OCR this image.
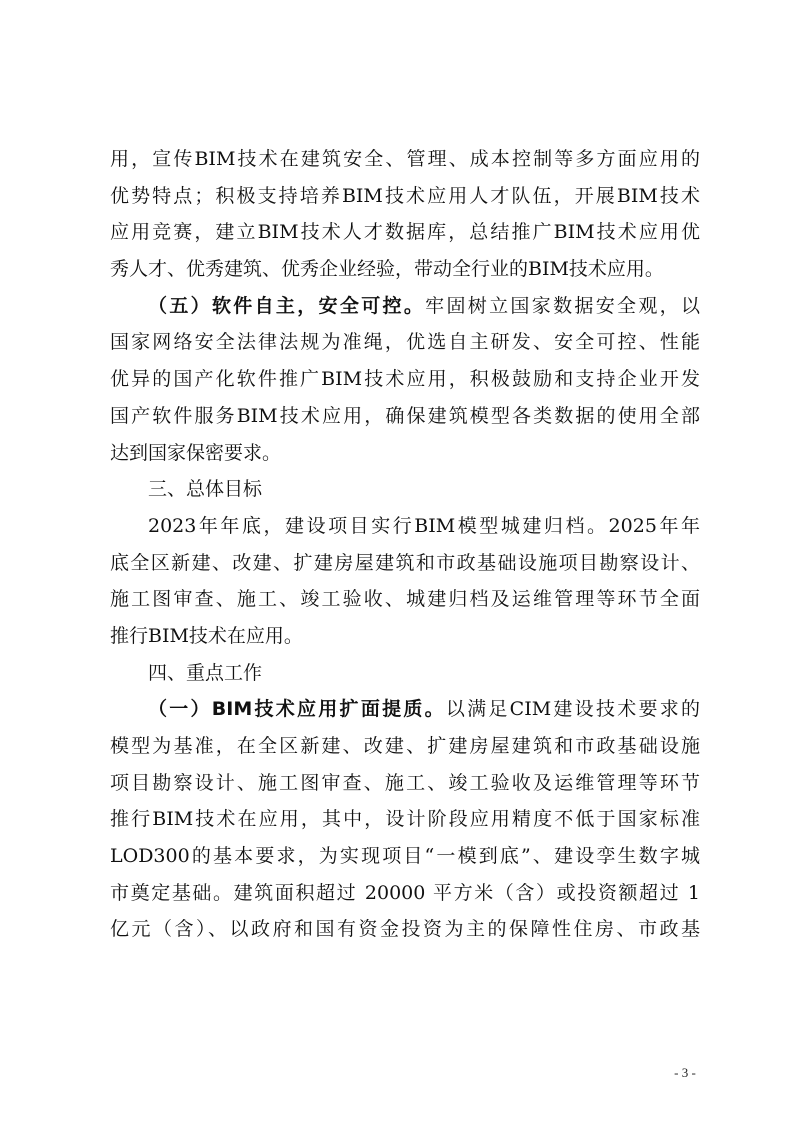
用，宣传BIM技术在建筑安全、管理、成本控制等多方面应用的
优势特点；积极支持培养BIM技术应用人才队伍，开展BIM技术
应用竞赛，建立BIM技术人才数据库，总结推广BIM技术应用优
秀人才、优秀建筑、优秀企业经验，带动全行业的BIM技术应用。
（五）软件自主，安全可控。牢固树立国家数据安全观，以
国家网络安全法律法规为准绳，优选自主研发、安全可控、性能
优异的国产化软件推广BIM技术应用，积极鼓励和支持企业开发
国产软件服务BIM技术应用，确保建筑模型各类数据的使用全部
达到国家保密要求。
三、总体目标
2023年年底，建设项目实行BIM模型城建归档。2025年年
底全区新建、改建、扩建房屋建筑和市政基础设施项目勘察设计、
施工图审查、施工、竣工验收、城建归档及运维管理等环节全面
推行BIM技术在应用。
四、重点工作
（一）BIM技术应用扩面提质。以满足CIM建设技术要求的
模型为基准，在全区新建、改建、扩建房屋建筑和市政基础设施
项目勘察设计、施工图审查、施工、竣工验收及运维管理等环节
推行BIM技术在应用，其中，设计阶段应用精度不低于国家标准
LOD300的基本要求，为实现项目“一模到底”、建设孪生数字城
市奠定基础。建筑面积超过 20000 平方米（含）或投资额超过 1
亿元（含）、以政府和国有资金投资为主的保障性住房、市政基
- 3 -
